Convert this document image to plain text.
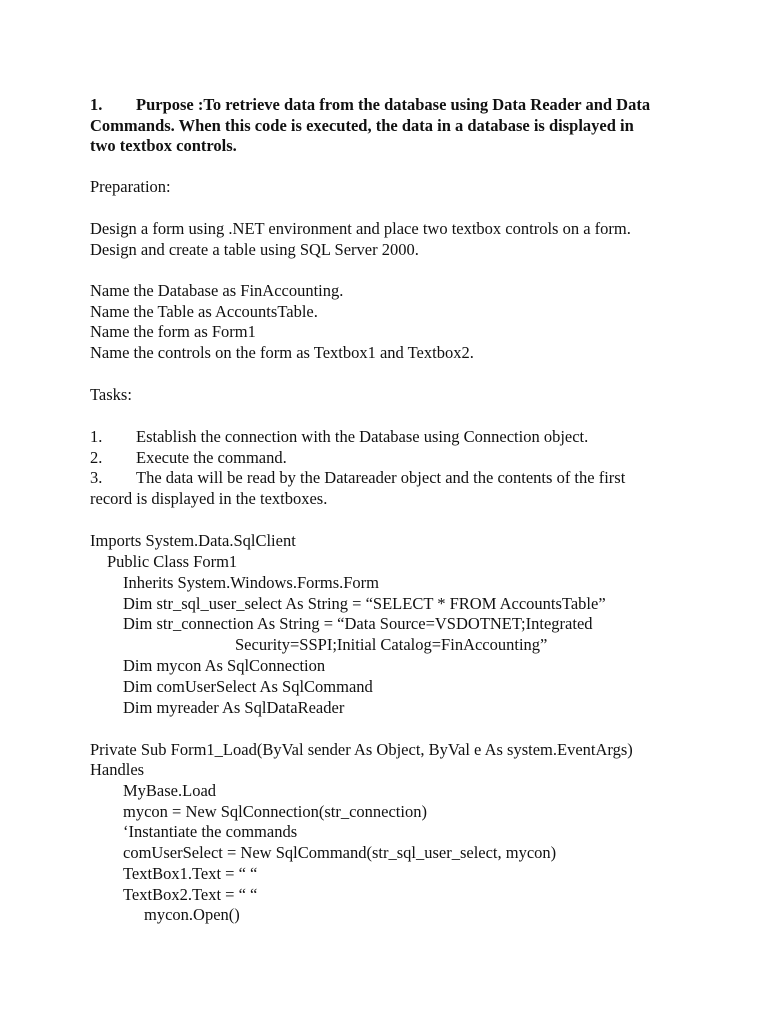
1. Purpose :To retrieve data from the database using Data Reader and Data
Commands. When this code is executed, the data in a database is displayed in
two textbox controls.
Preparation:
Design a form using .NET environment and place two textbox controls on a form.
Design and create a table using SQL Server 2000.
Name the Database as FinAccounting.
Name the Table as AccountsTable.
Name the form as Form1
Name the controls on the form as Textbox1 and Textbox2.
Tasks:
1. Establish the connection with the Database using Connection object.
2. Execute the command.
3. The data will be read by the Datareader object and the contents of the first
record is displayed in the textboxes.
Imports System.Data.SqlClient
Public Class Form1
Inherits System.Windows.Forms.Form
Dim str_sql_user_select As String = “SELECT * FROM AccountsTable”
Dim str_connection As String = “Data Source=VSDOTNET;Integrated
Security=SSPI;Initial Catalog=FinAccounting”
Dim mycon As SqlConnection
Dim comUserSelect As SqlCommand
Dim myreader As SqlDataReader
Private Sub Form1_Load(ByVal sender As Object, ByVal e As system.EventArgs)
Handles
MyBase.Load
mycon = New SqlConnection(str_connection)
‘Instantiate the commands
comUserSelect = New SqlCommand(str_sql_user_select, mycon)
TextBox1.Text = “ “
TextBox2.Text = “ “
mycon.Open()
